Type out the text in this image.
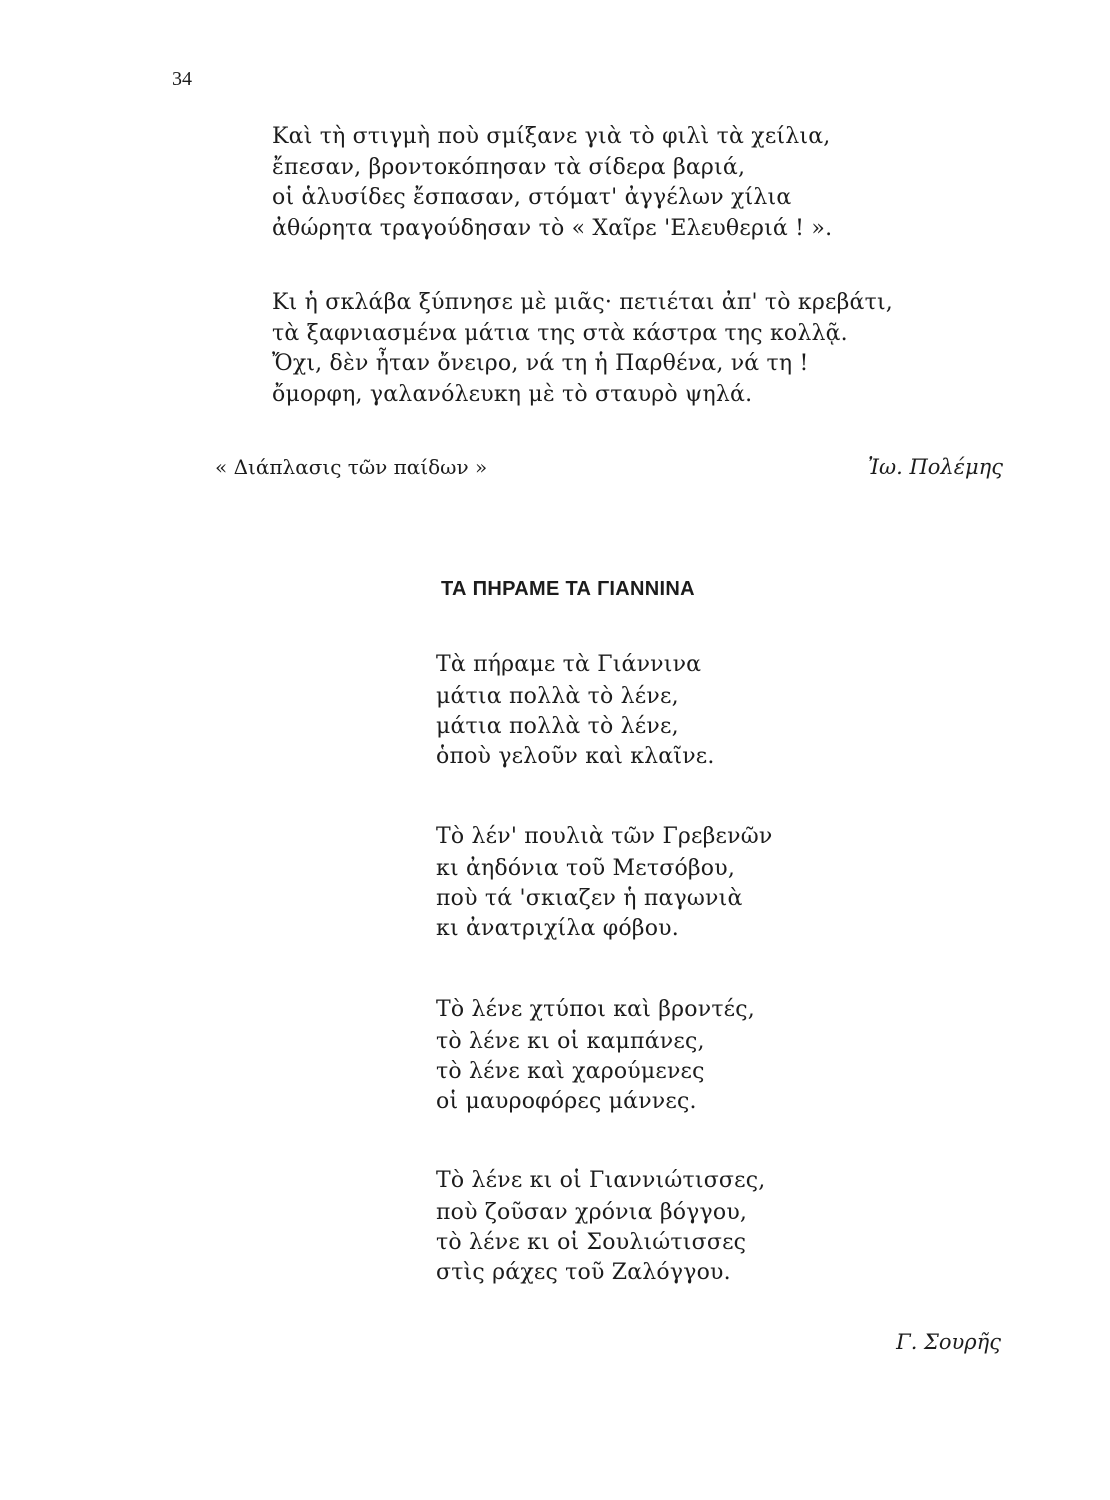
34
Καὶ τὴ στιγμὴ ποὺ σμίξανε γιὰ τὸ φιλὶ τὰ χείλια,
ἔπεσαν, βροντοκόπησαν τὰ σίδερα βαριά,
οἱ ἁλυσίδες ἔσπασαν, στόματ' ἀγγέλων χίλια
ἀθώρητα τραγούδησαν τὸ « Χαῖρε 'Ελευθεριά ! ».
Κι ἡ σκλάβα ξύπνησε μὲ μιᾶς· πετιέται ἀπ' τὸ κρεβάτι,
τὰ ξαφνιασμένα μάτια της στὰ κάστρα της κολλᾷ.
Ὄχι, δὲν ἦταν ὄνειρο, νά τη ἡ Παρθένα, νά τη !
ὄμορφη, γαλανόλευκη μὲ τὸ σταυρὸ ψηλά.
« Διάπλασις τῶν παίδων »	Ἰω. Πολέμης
ΤΑ ΠΗΡΑΜΕ ΤΑ ΓΙΑΝΝΙΝΑ
Τὰ πήραμε τὰ Γιάννινα
μάτια πολλὰ τὸ λένε,
μάτια πολλὰ τὸ λένε,
ὁποὺ γελοῦν καὶ κλαῖνε.
Τὸ λέν' πουλιὰ τῶν Γρεβενῶν
κι ἀηδόνια τοῦ Μετσόβου,
ποὺ τά 'σκιαζεν ἡ παγωνιὰ
κι ἀνατριχίλα φόβου.
Τὸ λένε χτύποι καὶ βροντές,
τὸ λένε κι οἱ καμπάνες,
τὸ λένε καὶ χαρούμενες
οἱ μαυροφόρες μάννες.
Τὸ λένε κι οἱ Γιαννιώτισσες,
ποὺ ζοῦσαν χρόνια βόγγου,
τὸ λένε κι οἱ Σουλιώτισσες
στὶς ράχες τοῦ Ζαλόγγου.
Γ. Σουρῆς
